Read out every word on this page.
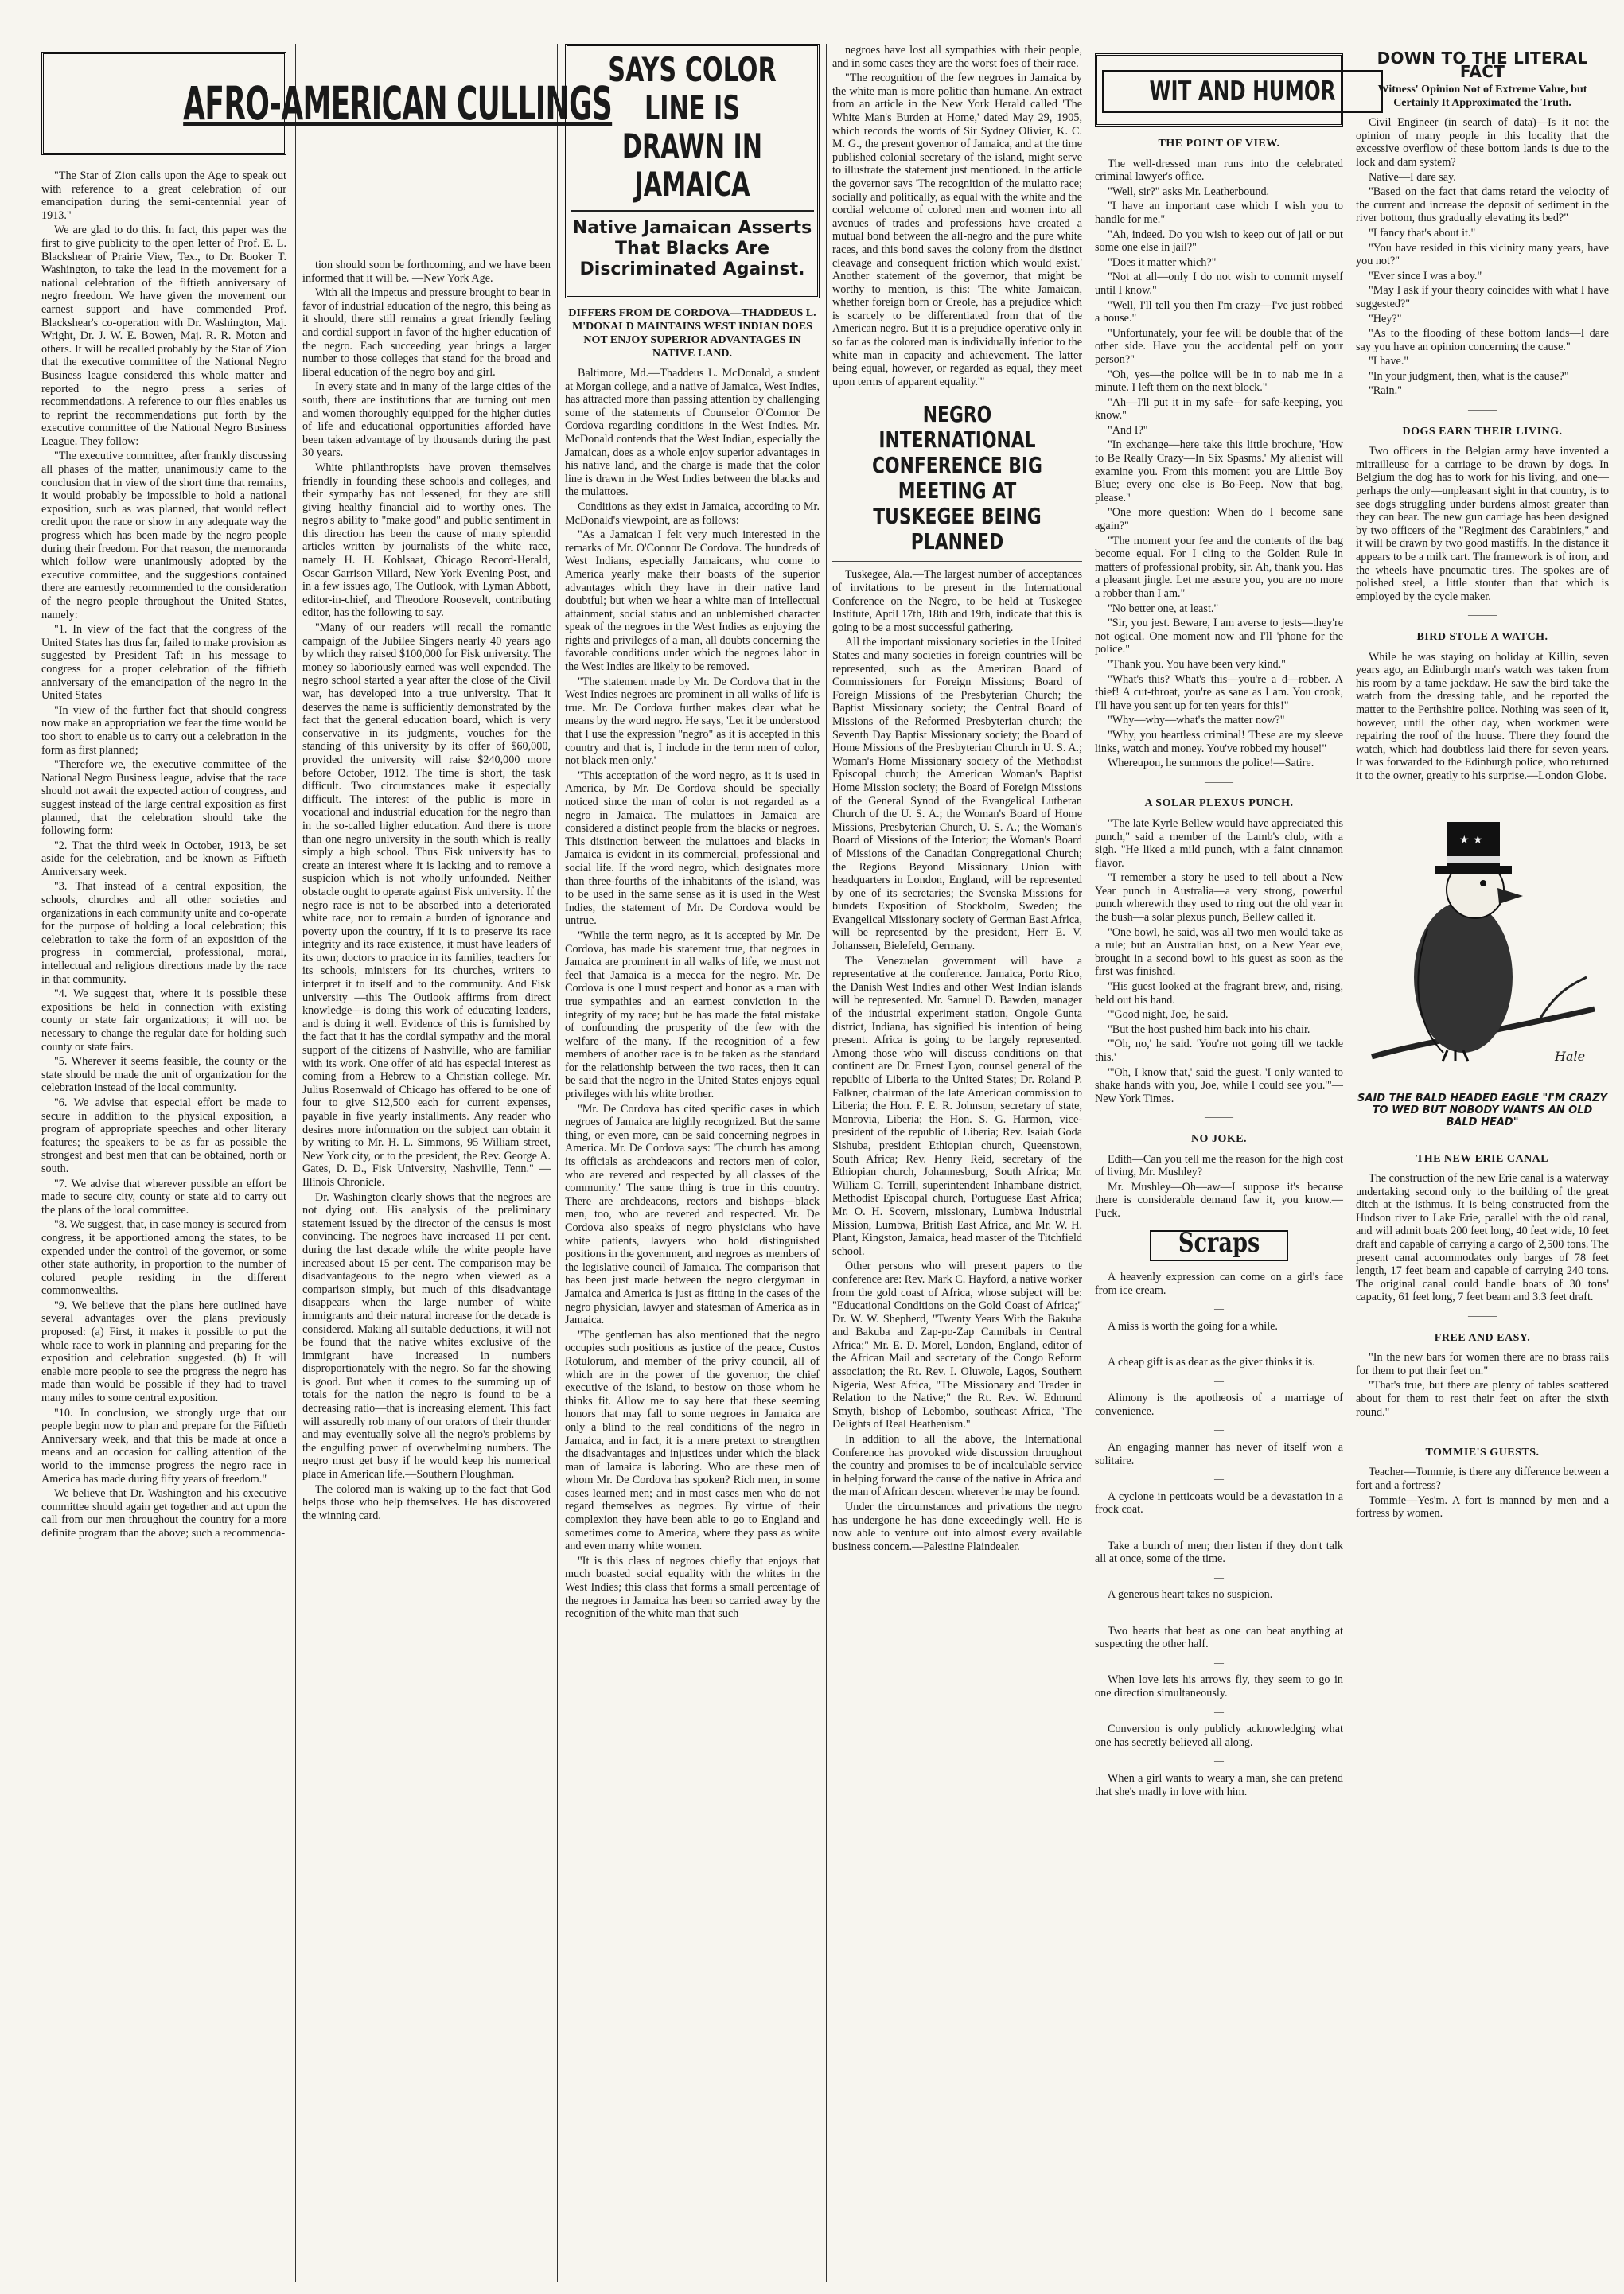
AFRO-AMERICAN CULLINGS

"The Star of Zion calls upon the Age to speak out with reference to a great celebration of our emancipation during the semi-centennial year of 1913."

We are glad to do this. In fact, this paper was the first to give publicity to the open letter of Prof. E. L. Blackshear of Prairie View, Tex., to Dr. Booker T. Washington, to take the lead in the movement for a national celebration of the fiftieth anniversary of negro freedom. We have given the movement our earnest support and have commended Prof. Blackshear's co-operation with Dr. Washington, Maj. Wright, Dr. J. W. E. Bowen, Maj. R. R. Moton and others. It will be recalled probably by the Star of Zion that the executive committee of the National Negro Business league considered this whole matter and reported to the negro press a series of recommendations. A reference to our files enables us to reprint the recommendations put forth by the executive committee of the National Negro Business League. They follow:

"The executive committee, after frankly discussing all phases of the matter, unanimously came to the conclusion that in view of the short time that remains, it would probably be impossible to hold a national exposition, such as was planned, that would reflect credit upon the race or show in any adequate way the progress which has been made by the negro people during their freedom. For that reason, the memoranda which follow were unanimously adopted by the executive committee, and the suggestions contained there are earnestly recommended to the consideration of the negro people throughout the United States, namely:

"1. In view of the fact that the congress of the United States has thus far, failed to make provision as suggested by President Taft in his message to congress for a proper celebration of the fiftieth anniversary of the emancipation of the negro in the United States

"In view of the further fact that should congress now make an appropriation we fear the time would be too short to enable us to carry out a celebration in the form as first planned;

"Therefore we, the executive committee of the National Negro Business league, advise that the race should not await the expected action of congress, and suggest instead of the large central exposition as first planned, that the celebration should take the following form:

"2. That the third week in October, 1913, be set aside for the celebration, and be known as Fiftieth Anniversary week.

"3. That instead of a central exposition, the schools, churches and all other societies and organizations in each community unite and co-operate for the purpose of holding a local celebration; this celebration to take the form of an exposition of the progress in commercial, professional, moral, intellectual and religious directions made by the race in that community.

"4. We suggest that, where it is possible these expositions be held in connection with existing county or state fair organizations; it will not be necessary to change the regular date for holding such county or state fairs.

"5. Wherever it seems feasible, the county or the state should be made the unit of organization for the celebration instead of the local community.

"6. We advise that especial effort be made to secure in addition to the physical exposition, a program of appropriate speeches and other literary features; the speakers to be as far as possible the strongest and best men that can be obtained, north or south.

"7. We advise that wherever possible an effort be made to secure city, county or state aid to carry out the plans of the local committee.

"8. We suggest, that, in case money is secured from congress, it be apportioned among the states, to be expended under the control of the governor, or some other state authority, in proportion to the number of colored people residing in the different commonwealths.

"9. We believe that the plans here outlined have several advantages over the plans previously proposed: (a) First, it makes it possible to put the whole race to work in planning and preparing for the exposition and celebration suggested. (b) It will enable more people to see the progress the negro has made than would be possible if they had to travel many miles to some central exposition.

"10. In conclusion, we strongly urge that our people begin now to plan and prepare for the Fiftieth Anniversary week, and that this be made at once a means and an occasion for calling attention of the world to the immense progress the negro race in America has made during fifty years of freedom."

We believe that Dr. Washington and his executive committee should again get together and act upon the call from our men throughout the country for a more definite program than the above; such a recommenda-

tion should soon be forthcoming, and we have been informed that it will be. —New York Age.

With all the impetus and pressure brought to bear in favor of industrial education of the negro, this being as it should, there still remains a great friendly feeling and cordial support in favor of the higher education of the negro. Each succeeding year brings a larger number to those colleges that stand for the broad and liberal education of the negro boy and girl.

In every state and in many of the large cities of the south, there are institutions that are turning out men and women thoroughly equipped for the higher duties of life and educational opportunities afforded have been taken advantage of by thousands during the past 30 years.

White philanthropists have proven themselves friendly in founding these schools and colleges, and their sympathy has not lessened, for they are still giving healthy financial aid to worthy ones. The negro's ability to "make good" and public sentiment in this direction has been the cause of many splendid articles written by journalists of the white race, namely H. H. Kohlsaat, Chicago Record-Herald, Oscar Garrison Villard, New York Evening Post, and in a few issues ago, The Outlook, with Lyman Abbott, editor-in-chief, and Theodore Roosevelt, contributing editor, has the following to say.

"Many of our readers will recall the romantic campaign of the Jubilee Singers nearly 40 years ago by which they raised $100,000 for Fisk university. The money so laboriously earned was well expended. The negro school started a year after the close of the Civil war, has developed into a true university. That it deserves the name is sufficiently demonstrated by the fact that the general education board, which is very conservative in its judgments, vouches for the standing of this university by its offer of $60,000, provided the university will raise $240,000 more before October, 1912. The time is short, the task difficult. Two circumstances make it especially difficult. The interest of the public is more in vocational and industrial education for the negro than in the so-called higher education. And there is more than one negro university in the south which is really simply a high school. Thus Fisk university has to create an interest where it is lacking and to remove a suspicion which is not wholly unfounded. Neither obstacle ought to operate against Fisk university. If the negro race is not to be absorbed into a deteriorated white race, nor to remain a burden of ignorance and poverty upon the country, if it is to preserve its race integrity and its race existence, it must have leaders of its own; doctors to practice in its families, teachers for its schools, ministers for its churches, writers to interpret it to itself and to the community. And Fisk university —this The Outlook affirms from direct knowledge—is doing this work of educating leaders, and is doing it well. Evidence of this is furnished by the fact that it has the cordial sympathy and the moral support of the citizens of Nashville, who are familiar with its work. One offer of aid has especial interest as coming from a Hebrew to a Christian college. Mr. Julius Rosenwald of Chicago has offered to be one of four to give $12,500 each for current expenses, payable in five yearly installments. Any reader who desires more information on the subject can obtain it by writing to Mr. H. L. Simmons, 95 William street, New York city, or to the president, the Rev. George A. Gates, D. D., Fisk University, Nashville, Tenn." —Illinois Chronicle.

Dr. Washington clearly shows that the negroes are not dying out. His analysis of the preliminary statement issued by the director of the census is most convincing. The negroes have increased 11 per cent. during the last decade while the white people have increased about 15 per cent. The comparison may be disadvantageous to the negro when viewed as a comparison simply, but much of this disadvantage disappears when the large number of white immigrants and their natural increase for the decade is considered. Making all suitable deductions, it will not be found that the native whites exclusive of the immigrant have increased in numbers disproportionately with the negro. So far the showing is good. But when it comes to the summing up of totals for the nation the negro is found to be a decreasing ratio—that is increasing element. This fact will assuredly rob many of our orators of their thunder and may eventually solve all the negro's problems by the engulfing power of overwhelming numbers. The negro must get busy if he would keep his numerical place in American life.—Southern Ploughman.

The colored man is waking up to the fact that God helps those who help themselves. He has discovered the winning card.

SAYS COLOR LINE IS DRAWN IN JAMAICA
Native Jamaican Asserts That Blacks Are Discriminated Against.
DIFFERS FROM DE CORDOVA—THADDEUS L. M'DONALD MAINTAINS WEST INDIAN DOES NOT ENJOY SUPERIOR ADVANTAGES IN NATIVE LAND.

Baltimore, Md.—Thaddeus L. McDonald, a student at Morgan college, and a native of Jamaica, West Indies, has attracted more than passing attention by challenging some of the statements of Counselor O'Connor De Cordova regarding conditions in the West Indies. Mr. McDonald contends that the West Indian, especially the Jamaican, does as a whole enjoy superior advantages in his native land, and the charge is made that the color line is drawn in the West Indies between the blacks and the mulattoes.

Conditions as they exist in Jamaica, according to Mr. McDonald's viewpoint, are as follows:

"As a Jamaican I felt very much interested in the remarks of Mr. O'Connor De Cordova. The hundreds of West Indians, especially Jamaicans, who come to America yearly make their boasts of the superior advantages which they have in their native land doubtful; but when we hear a white man of intellectual attainment, social status and an unblemished character speak of the negroes in the West Indies as enjoying the rights and privileges of a man, all doubts concerning the favorable conditions under which the negroes labor in the West Indies are likely to be removed.

"The statement made by Mr. De Cordova that in the West Indies negroes are prominent in all walks of life is true. Mr. De Cordova further makes clear what he means by the word negro. He says, 'Let it be understood that I use the expression "negro" as it is accepted in this country and that is, I include in the term men of color, not black men only.'

"This acceptation of the word negro, as it is used in America, by Mr. De Cordova should be specially noticed since the man of color is not regarded as a negro in Jamaica. The mulattoes in Jamaica are considered a distinct people from the blacks or negroes. This distinction between the mulattoes and blacks in Jamaica is evident in its commercial, professional and social life. If the word negro, which designates more than three-fourths of the inhabitants of the island, was to be used in the same sense as it is used in the West Indies, the statement of Mr. De Cordova would be untrue.

"While the term negro, as it is accepted by Mr. De Cordova, has made his statement true, that negroes in Jamaica are prominent in all walks of life, we must not feel that Jamaica is a mecca for the negro. Mr. De Cordova is one I must respect and honor as a man with true sympathies and an earnest conviction in the integrity of my race; but he has made the fatal mistake of confounding the prosperity of the few with the welfare of the many. If the recognition of a few members of another race is to be taken as the standard for the relationship between the two races, then it can be said that the negro in the United States enjoys equal privileges with his white brother.

"Mr. De Cordova has cited specific cases in which negroes of Jamaica are highly recognized. But the same thing, or even more, can be said concerning negroes in America. Mr. De Cordova says: 'The church has among its officials as archdeacons and rectors men of color, who are revered and respected by all classes of the community.' The same thing is true in this country. There are archdeacons, rectors and bishops—black men, too, who are revered and respected. Mr. De Cordova also speaks of negro physicians who have white patients, lawyers who hold distinguished positions in the government, and negroes as members of the legislative council of Jamaica. The comparison that has been just made between the negro clergyman in Jamaica and America is just as fitting in the cases of the negro physician, lawyer and statesman of America as in Jamaica.

"The gentleman has also mentioned that the negro occupies such positions as justice of the peace, Custos Rotulorum, and member of the privy council, all of which are in the power of the governor, the chief executive of the island, to bestow on those whom he thinks fit. Allow me to say here that these seeming honors that may fall to some negroes in Jamaica are only a blind to the real conditions of the negro in Jamaica, and in fact, it is a mere pretext to strengthen the disadvantages and injustices under which the black man of Jamaica is laboring. Who are these men of whom Mr. De Cordova has spoken? Rich men, in some cases learned men; and in most cases men who do not regard themselves as negroes. By virtue of their complexion they have been able to go to England and sometimes come to America, where they pass as white and even marry white women.

"It is this class of negroes chiefly that enjoys that much boasted social equality with the whites in the West Indies; this class that forms a small percentage of the negroes in Jamaica has been so carried away by the recognition of the white man that such

negroes have lost all sympathies with their people, and in some cases they are the worst foes of their race.

"The recognition of the few negroes in Jamaica by the white man is more politic than humane. An extract from an article in the New York Herald called 'The White Man's Burden at Home,' dated May 29, 1905, which records the words of Sir Sydney Olivier, K. C. M. G., the present governor of Jamaica, and at the time published colonial secretary of the island, might serve to illustrate the statement just mentioned. In the article the governor says 'The recognition of the mulatto race; socially and politically, as equal with the white and the cordial welcome of colored men and women into all avenues of trades and professions have created a mutual bond between the all-negro and the pure white races, and this bond saves the colony from the distinct cleavage and consequent friction which would exist.' Another statement of the governor, that might be worthy to mention, is this: 'The white Jamaican, whether foreign born or Creole, has a prejudice which is scarcely to be differentiated from that of the American negro. But it is a prejudice operative only in so far as the colored man is individually inferior to the white man in capacity and achievement. The latter being equal, however, or regarded as equal, they meet upon terms of apparent equality.'"

NEGRO INTERNATIONAL CONFERENCE BIG MEETING AT TUSKEGEE BEING PLANNED

Tuskegee, Ala.—The largest number of acceptances of invitations to be present in the International Conference on the Negro, to be held at Tuskegee Institute, April 17th, 18th and 19th, indicate that this is going to be a most successful gathering.

All the important missionary societies in the United States and many societies in foreign countries will be represented, such as the American Board of Commissioners for Foreign Missions; Board of Foreign Missions of the Presbyterian Church; the Baptist Missionary society; the Central Board of Missions of the Reformed Presbyterian church; the Seventh Day Baptist Missionary society; the Board of Home Missions of the Presbyterian Church in U. S. A.; Woman's Home Missionary society of the Methodist Episcopal church; the American Woman's Baptist Home Mission society; the Board of Foreign Missions of the General Synod of the Evangelical Lutheran Church of the U. S. A.; the Woman's Board of Home Missions, Presbyterian Church, U. S. A.; the Woman's Board of Missions of the Interior; the Woman's Board of Missions of the Canadian Congregational Church; the Regions Beyond Missionary Union with headquarters in London, England, will be represented by one of its secretaries; the Svenska Missions for bundets Exposition of Stockholm, Sweden; the Evangelical Missionary society of German East Africa, will be represented by the president, Herr E. V. Johanssen, Bielefeld, Germany.

The Venezuelan government will have a representative at the conference. Jamaica, Porto Rico, the Danish West Indies and other West Indian islands will be represented. Mr. Samuel D. Bawden, manager of the industrial experiment station, Ongole Gunta district, Indiana, has signified his intention of being present. Africa is going to be largely represented. Among those who will discuss conditions on that continent are Dr. Ernest Lyon, counsel general of the republic of Liberia to the United States; Dr. Roland P. Falkner, chairman of the late American commission to Liberia; the Hon. F. E. R. Johnson, secretary of state, Monrovia, Liberia; the Hon. S. G. Harmon, vice-president of the republic of Liberia; Rev. Isaiah Goda Sishuba, president Ethiopian church, Queenstown, South Africa; Rev. Henry Reid, secretary of the Ethiopian church, Johannesburg, South Africa; Mr. William C. Terrill, superintendent Inhambane district, Methodist Episcopal church, Portuguese East Africa; Mr. O. H. Scovern, missionary, Lumbwa Industrial Mission, Lumbwa, British East Africa, and Mr. W. H. Plant, Kingston, Jamaica, head master of the Titchfield school.

Other persons who will present papers to the conference are: Rev. Mark C. Hayford, a native worker from the gold coast of Africa, whose subject will be: "Educational Conditions on the Gold Coast of Africa;" Dr. W. W. Shepherd, "Twenty Years With the Bakuba and Bakuba and Zap-po-Zap Cannibals in Central Africa;" Mr. E. D. Morel, London, England, editor of the African Mail and secretary of the Congo Reform association; the Rt. Rev. I. Oluwole, Lagos, Southern Nigeria, West Africa, "The Missionary and Trader in Relation to the Native;" the Rt. Rev. W. Edmund Smyth, bishop of Lebombo, southeast Africa, "The Delights of Real Heathenism."

In addition to all the above, the International Conference has provoked wide discussion throughout the country and promises to be of incalculable service in helping forward the cause of the native in Africa and the man of African descent wherever he may be found.

Under the circumstances and privations the negro has undergone he has done exceedingly well. He is now able to venture out into almost every available business concern.—Palestine Plaindealer.

WIT AND HUMOR
THE POINT OF VIEW.

The well-dressed man runs into the celebrated criminal lawyer's office.

"Well, sir?" asks Mr. Leatherbound.

"I have an important case which I wish you to handle for me."

"Ah, indeed. Do you wish to keep out of jail or put some one else in jail?"

"Does it matter which?"

"Not at all—only I do not wish to commit myself until I know."

"Well, I'll tell you then I'm crazy—I've just robbed a house."

"Unfortunately, your fee will be double that of the other side. Have you the accidental pelf on your person?"

"Oh, yes—the police will be in to nab me in a minute. I left them on the next block."

"Ah—I'll put it in my safe—for safe-keeping, you know."

"And I?"

"In exchange—here take this little brochure, 'How to Be Really Crazy—In Six Spasms.' My alienist will examine you. From this moment you are Little Boy Blue; every one else is Bo-Peep. Now that bag, please."

"One more question: When do I become sane again?"

"The moment your fee and the contents of the bag become equal. For I cling to the Golden Rule in matters of professional probity, sir. Ah, thank you. Has a pleasant jingle. Let me assure you, you are no more a robber than I am."

"No better one, at least."

"Sir, you jest. Beware, I am averse to jests—they're not ogical. One moment now and I'll 'phone for the police."

"Thank you. You have been very kind."

"What's this? What's this—you're a d—robber. A thief! A cut-throat, you're as sane as I am. You crook, I'll have you sent up for ten years for this!"

"Why—why—what's the matter now?"

"Why, you heartless criminal! These are my sleeve links, watch and money. You've robbed my house!"

Whereupon, he summons the police!—Satire.

———
A SOLAR PLEXUS PUNCH.

"The late Kyrle Bellew would have appreciated this punch," said a member of the Lamb's club, with a sigh. "He liked a mild punch, with a faint cinnamon flavor.

"I remember a story he used to tell about a New Year punch in Australia—a very strong, powerful punch wherewith they used to ring out the old year in the bush—a solar plexus punch, Bellew called it.

"One bowl, he said, was all two men would take as a rule; but an Australian host, on a New Year eve, brought in a second bowl to his guest as soon as the first was finished.

"His guest looked at the fragrant brew, and, rising, held out his hand.

"'Good night, Joe,' he said.

"But the host pushed him back into his chair.

"'Oh, no,' he said. 'You're not going till we tackle this.'

"'Oh, I know that,' said the guest. 'I only wanted to shake hands with you, Joe, while I could see you.'"—New York Times.

———
NO JOKE.

Edith—Can you tell me the reason for the high cost of living, Mr. Mushley?

Mr. Mushley—Oh—aw—I suppose it's because there is considerable demand faw it, you know.—Puck.

Scraps

A heavenly expression can come on a girl's face from ice cream.

—

A miss is worth the going for a while.

—

A cheap gift is as dear as the giver thinks it is.

—

Alimony is the apotheosis of a marriage of convenience.

—

An engaging manner has never of itself won a solitaire.

—

A cyclone in petticoats would be a devastation in a frock coat.

—

Take a bunch of men; then listen if they don't talk all at once, some of the time.

—

A generous heart takes no suspicion.

—

Two hearts that beat as one can beat anything at suspecting the other half.

—

When love lets his arrows fly, they seem to go in one direction simultaneously.

—

Conversion is only publicly acknowledging what one has secretly believed all along.

—

When a girl wants to weary a man, she can pretend that she's madly in love with him.

DOWN TO THE LITERAL FACT
Witness' Opinion Not of Extreme Value, but Certainly It Approximated the Truth.

Civil Engineer (in search of data)—Is it not the opinion of many people in this locality that the excessive overflow of these bottom lands is due to the lock and dam system?

Native—I dare say.

"Based on the fact that dams retard the velocity of the current and increase the deposit of sediment in the river bottom, thus gradually elevating its bed?"

"I fancy that's about it."

"You have resided in this vicinity many years, have you not?"

"Ever since I was a boy."

"May I ask if your theory coincides with what I have suggested?"

"Hey?"

"As to the flooding of these bottom lands—I dare say you have an opinion concerning the cause."

"I have."

"In your judgment, then, what is the cause?"

"Rain."

———
DOGS EARN THEIR LIVING.

Two officers in the Belgian army have invented a mitrailleuse for a carriage to be drawn by dogs. In Belgium the dog has to work for his living, and one—perhaps the only—unpleasant sight in that country, is to see dogs struggling under burdens almost greater than they can bear. The new gun carriage has been designed by two officers of the "Regiment des Carabiniers," and it will be drawn by two good mastiffs. In the distance it appears to be a milk cart. The framework is of iron, and the wheels have pneumatic tires. The spokes are of polished steel, a little stouter than that which is employed by the cycle maker.

———
BIRD STOLE A WATCH.

While he was staying on holiday at Killin, seven years ago, an Edinburgh man's watch was taken from his room by a tame jackdaw. He saw the bird take the watch from the dressing table, and he reported the matter to the Perthshire police. Nothing was seen of it, however, until the other day, when workmen were repairing the roof of the house. There they found the watch, which had doubtless laid there for seven years. It was forwarded to the Edinburgh police, who returned it to the owner, greatly to his surprise.—London Globe.

★ ★
Hale
SAID THE BALD HEADED EAGLE "I'M CRAZY TO WED BUT NOBODY WANTS AN OLD BALD HEAD"
THE NEW ERIE CANAL

The construction of the new Erie canal is a waterway undertaking second only to the building of the great ditch at the isthmus. It is being constructed from the Hudson river to Lake Erie, parallel with the old canal, and will admit boats 200 feet long, 40 feet wide, 10 feet draft and capable of carrying a cargo of 2,500 tons. The present canal accommodates only barges of 78 feet length, 17 feet beam and capable of carrying 240 tons. The original canal could handle boats of 30 tons' capacity, 61 feet long, 7 feet beam and 3.3 feet draft.

———
FREE AND EASY.

"In the new bars for women there are no brass rails for them to put their feet on."

"That's true, but there are plenty of tables scattered about for them to rest their feet on after the sixth round."

———
TOMMIE'S GUESTS.

Teacher—Tommie, is there any difference between a fort and a fortress?

Tommie—Yes'm. A fort is manned by men and a fortress by women.
